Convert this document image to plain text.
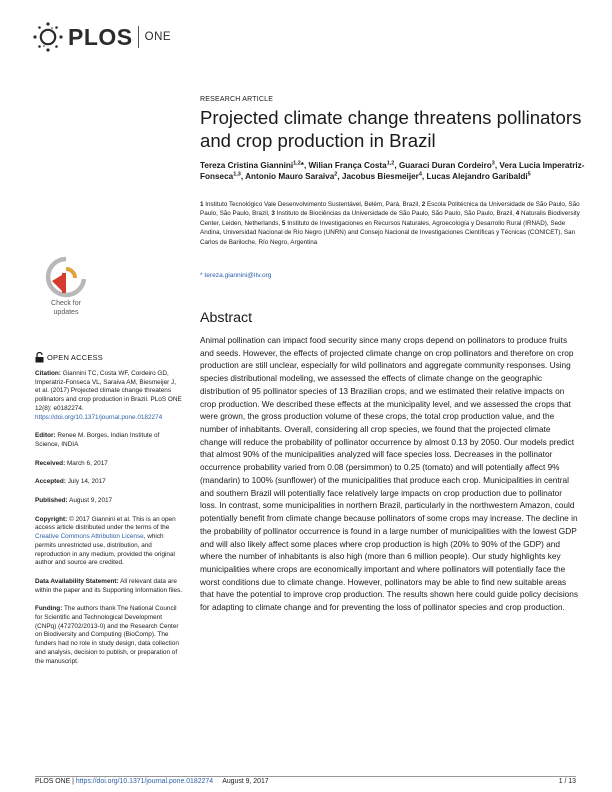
PLOS ONE
Check for
updates
OPEN ACCESS

Citation: Giannini TC, Costa WF, Cordeiro GD, Imperatriz-Fonseca VL, Saraiva AM, Biesmeijer J, et al. (2017) Projected climate change threatens pollinators and crop production in Brazil. PLoS ONE 12(8): e0182274. https://doi.org/10.1371/journal.pone.0182274

Editor: Renee M. Borges, Indian Institute of Science, INDIA

Received: March 6, 2017

Accepted: July 14, 2017

Published: August 9, 2017

Copyright: © 2017 Giannini et al. This is an open access article distributed under the terms of the Creative Commons Attribution License, which permits unrestricted use, distribution, and reproduction in any medium, provided the original author and source are credited.

Data Availability Statement: All relevant data are within the paper and its Supporting Information files.

Funding: The authors thank The National Council for Scientific and Technological Development (CNPq) (472702/2013-0) and the Research Center on Biodiversity and Computing (BioComp). The funders had no role in study design, data collection and analysis, decision to publish, or preparation of the manuscript.

RESEARCH ARTICLE
Projected climate change threatens pollinators and crop production in Brazil
Tereza Cristina Giannini$^{1,2}$*, Wilian França Costa$^{1,2}$, Guaraci Duran Cordeiro$^3$, Vera Lucia Imperatriz-Fonseca$^{1,3}$, Antonio Mauro Saraiva$^2$, Jacobus Biesmeijer$^4$, Lucas Alejandro Garibaldi$^5$
1 Instituto Tecnológico Vale Desenvolvimento Sustentável, Belém, Pará, Brazil, 2 Escola Politécnica da Universidade de São Paulo, São Paulo, São Paulo, Brazil, 3 Instituto de Biociências da Universidade de São Paulo, São Paulo, São Paulo, Brazil, 4 Naturalis Biodiversity Center, Leiden, Netherlands, 5 Instituto de Investigaciones en Recursos Naturales, Agroecología y Desarrollo Rural (IRNAD), Sede Andina, Universidad Nacional de Río Negro (UNRN) and Consejo Nacional de Investigaciones Científicas y Técnicas (CONICET), San Carlos de Bariloche, Río Negro, Argentina
* tereza.giannini@itv.org
Abstract
Animal pollination can impact food security since many crops depend on pollinators to produce fruits and seeds. However, the effects of projected climate change on crop pollinators and therefore on crop production are still unclear, especially for wild pollinators and aggregate community responses. Using species distributional modeling, we assessed the effects of climate change on the geographic distribution of 95 pollinator species of 13 Brazilian crops, and we estimated their relative impacts on crop production. We described these effects at the municipality level, and we assessed the crops that were grown, the gross production volume of these crops, the total crop production value, and the number of inhabitants. Overall, considering all crop species, we found that the projected climate change will reduce the probability of pollinator occurrence by almost 0.13 by 2050. Our models predict that almost 90% of the municipalities analyzed will face species loss. Decreases in the pollinator occurrence probability varied from 0.08 (persimmon) to 0.25 (tomato) and will potentially affect 9% (mandarin) to 100% (sunflower) of the municipalities that produce each crop. Municipalities in central and southern Brazil will potentially face relatively large impacts on crop production due to pollinator loss. In contrast, some municipalities in northern Brazil, particularly in the northwestern Amazon, could potentially benefit from climate change because pollinators of some crops may increase. The decline in the probability of pollinator occurrence is found in a large number of municipalities with the lowest GDP and will also likely affect some places where crop production is high (20% to 90% of the GDP) and where the number of inhabitants is also high (more than 6 million people). Our study highlights key municipalities where crops are economically important and where pollinators will potentially face the worst conditions due to climate change. However, pollinators may be able to find new suitable areas that have the potential to improve crop production. The results shown here could guide policy decisions for adapting to climate change and for preventing the loss of pollinator species and crop production.
PLOS ONE | https://doi.org/10.1371/journal.pone.0182274 August 9, 2017	1 / 13
